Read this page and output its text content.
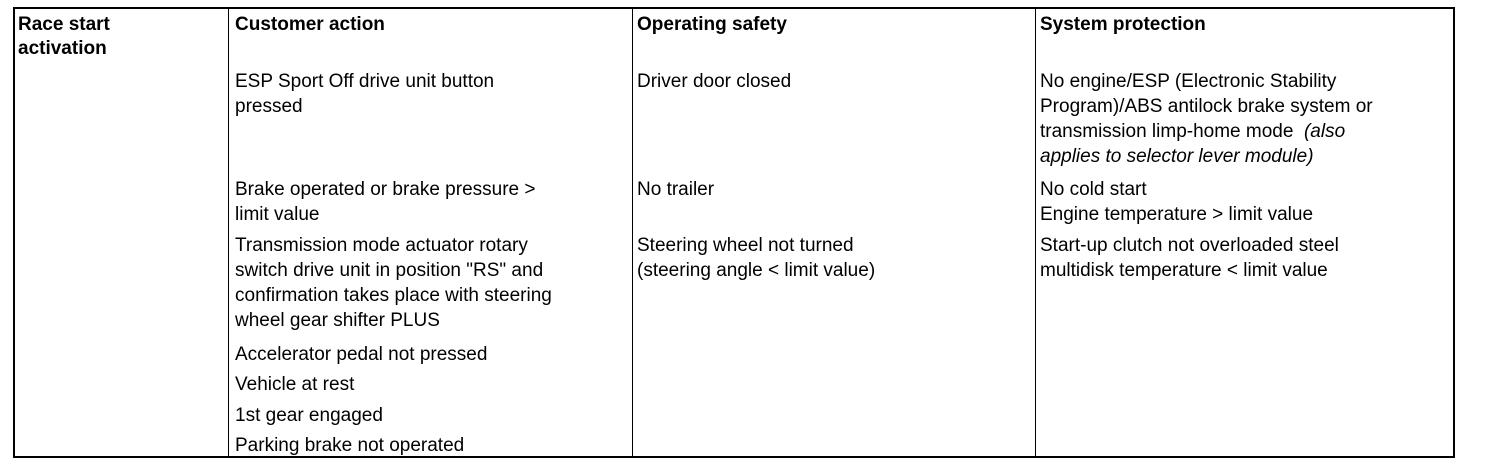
Race start
activation
Customer action	Operating safety	System protection
ESP Sport Off drive unit button
pressed
Brake operated or brake pressure >
limit value
Transmission mode actuator rotary
switch drive unit in position "RS" and
confirmation takes place with steering
wheel gear shifter PLUS
Accelerator pedal not pressed
Vehicle at rest
1st gear engaged
Parking brake not operated
Driver door closed
No trailer
Steering wheel not turned
(steering angle < limit value)
No engine/ESP (Electronic Stability
Program)/ABS antilock brake system or
transmission limp-home mode (also
applies to selector lever module)
No cold start
Engine temperature > limit value
Start-up clutch not overloaded steel
multidisk temperature < limit value
